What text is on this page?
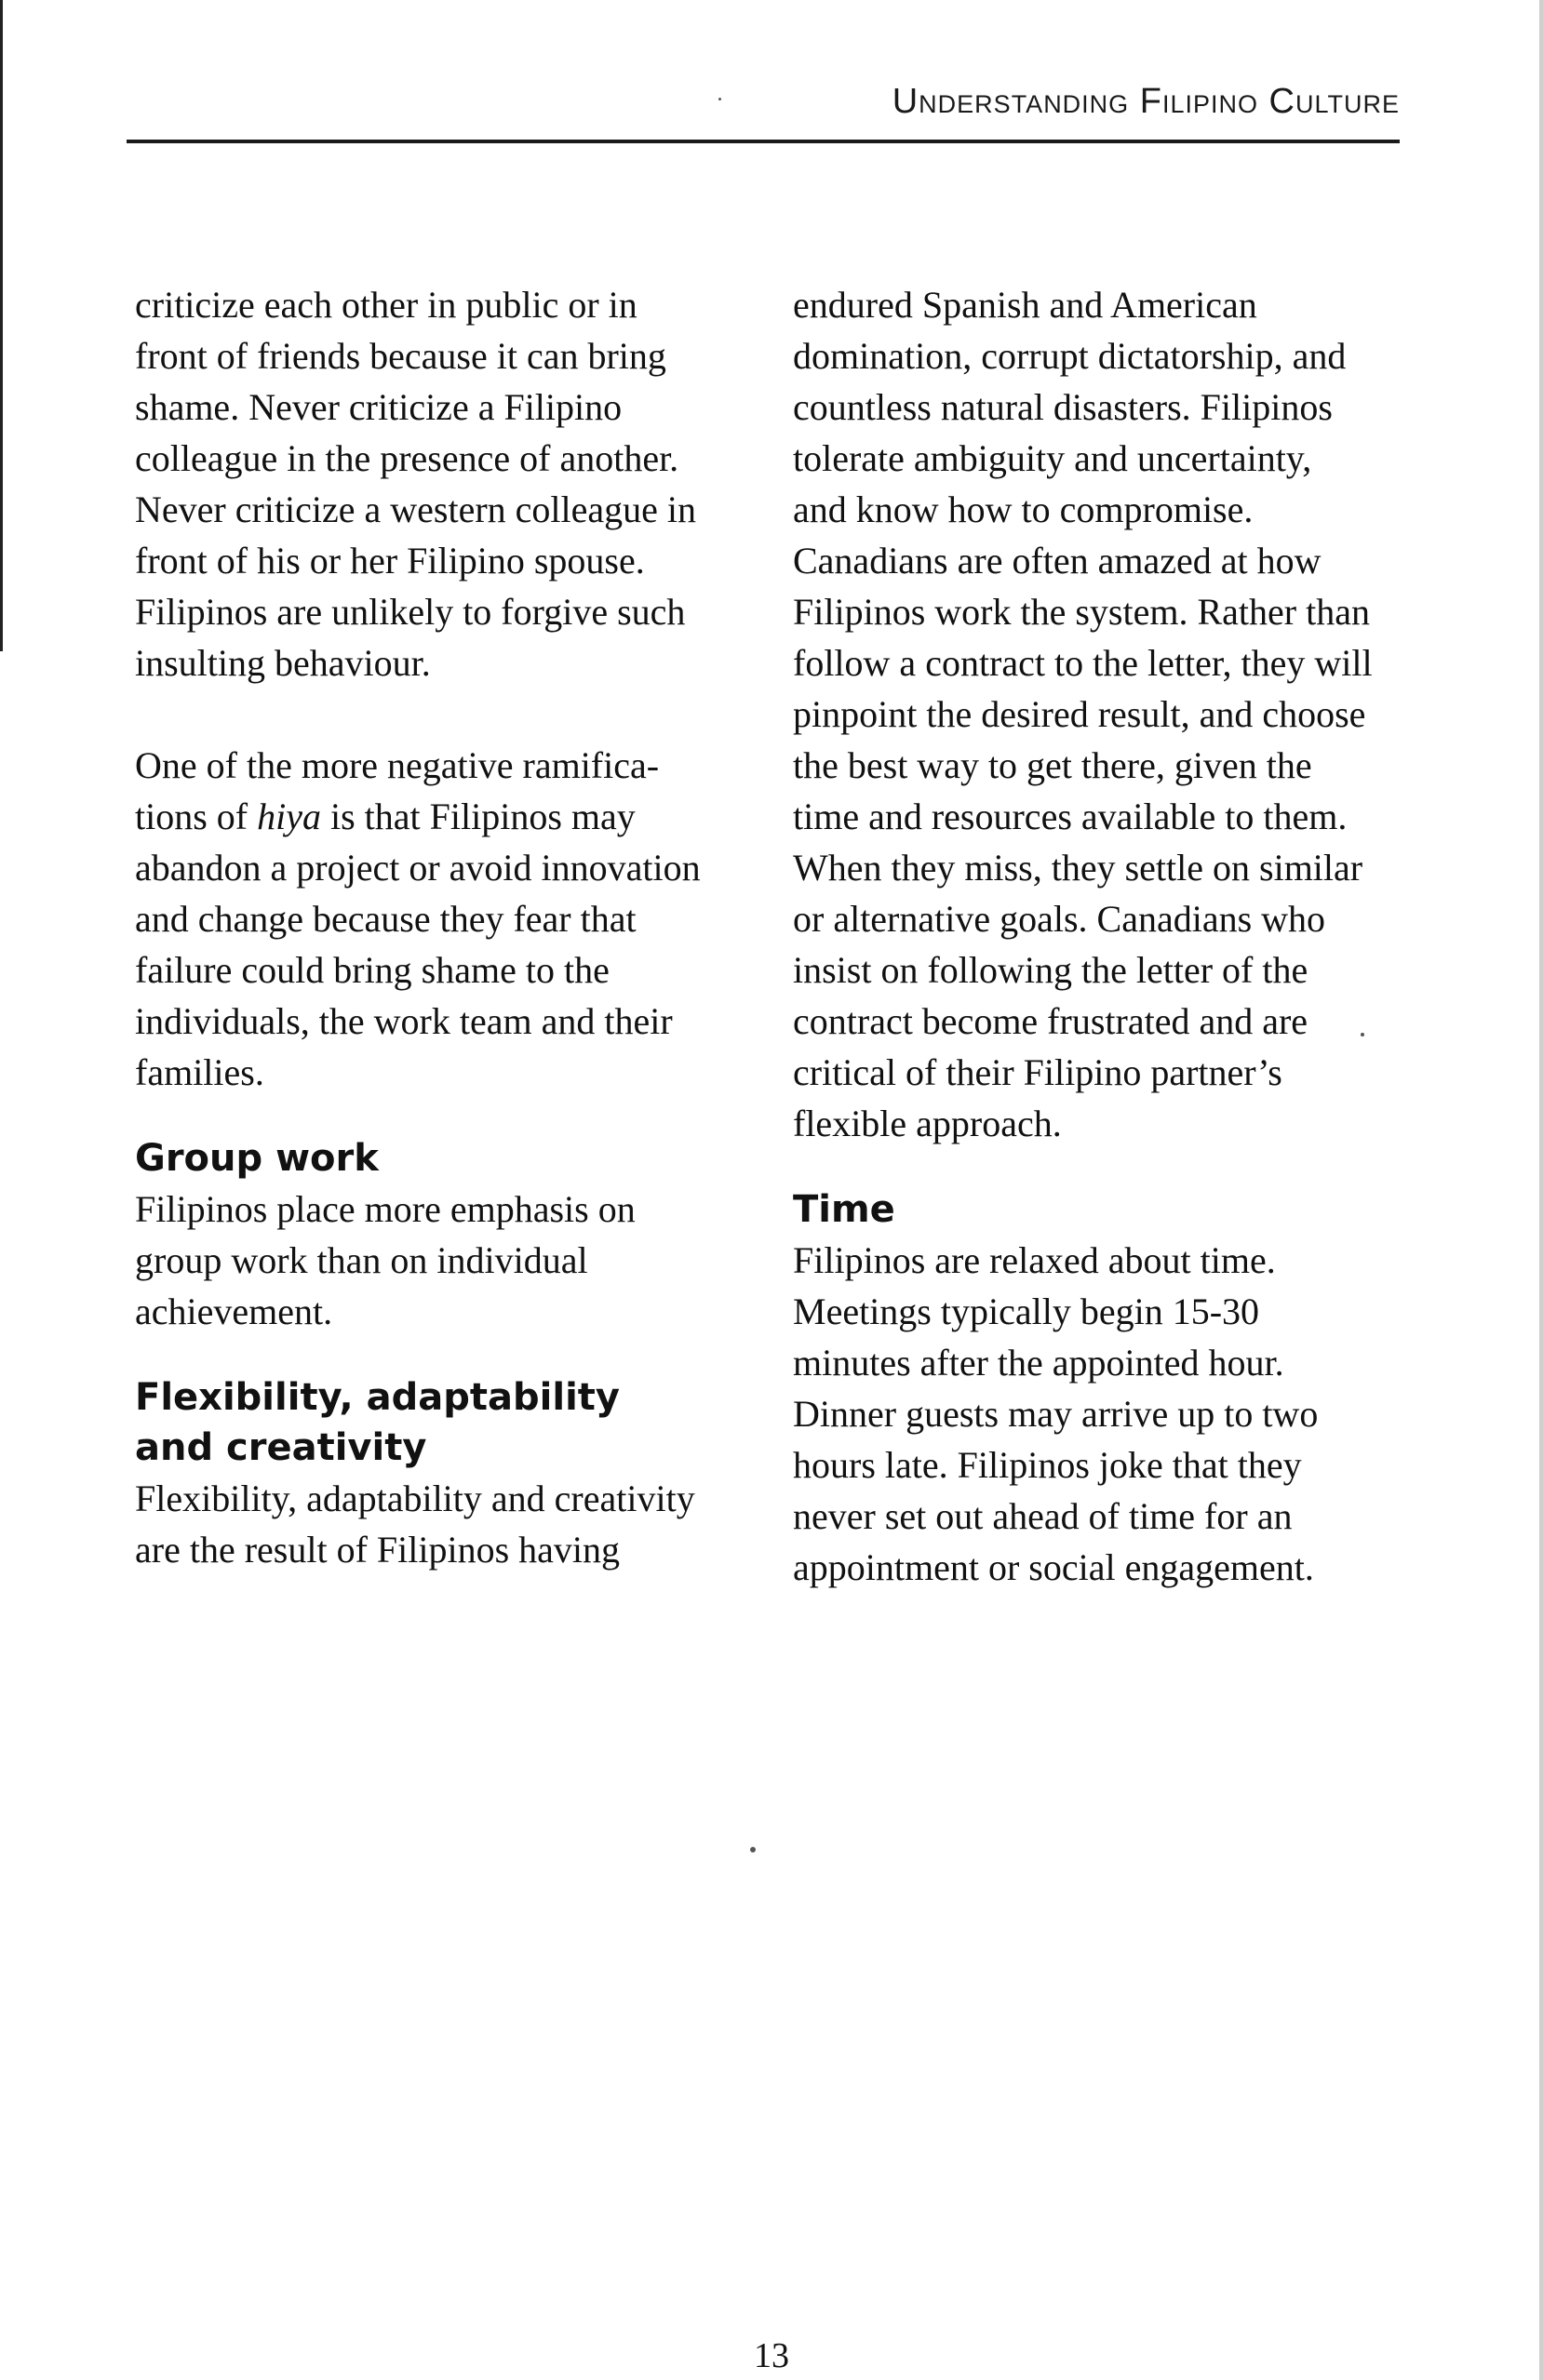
Understanding Filipino Culture

criticize each other in public or in
front of friends because it can bring
shame. Never criticize a Filipino
colleague in the presence of another.
Never criticize a western colleague in
front of his or her Filipino spouse.
Filipinos are unlikely to forgive such
insulting behaviour.

One of the more negative ramifica-
tions of hiya is that Filipinos may
abandon a project or avoid innovation
and change because they fear that
failure could bring shame to the
individuals, the work team and their
families.

Group work

Filipinos place more emphasis on
group work than on individual
achievement.

Flexibility, adaptability
and creativity

Flexibility, adaptability and creativity
are the result of Filipinos having

endured Spanish and American
domination, corrupt dictatorship, and
countless natural disasters. Filipinos
tolerate ambiguity and uncertainty,
and know how to compromise.
Canadians are often amazed at how
Filipinos work the system. Rather than
follow a contract to the letter, they will
pinpoint the desired result, and choose
the best way to get there, given the
time and resources available to them.
When they miss, they settle on similar
or alternative goals. Canadians who
insist on following the letter of the
contract become frustrated and are
critical of their Filipino partner’s
flexible approach.

Time

Filipinos are relaxed about time.
Meetings typically begin 15-30
minutes after the appointed hour.
Dinner guests may arrive up to two
hours late. Filipinos joke that they
never set out ahead of time for an
appointment or social engagement.

13
